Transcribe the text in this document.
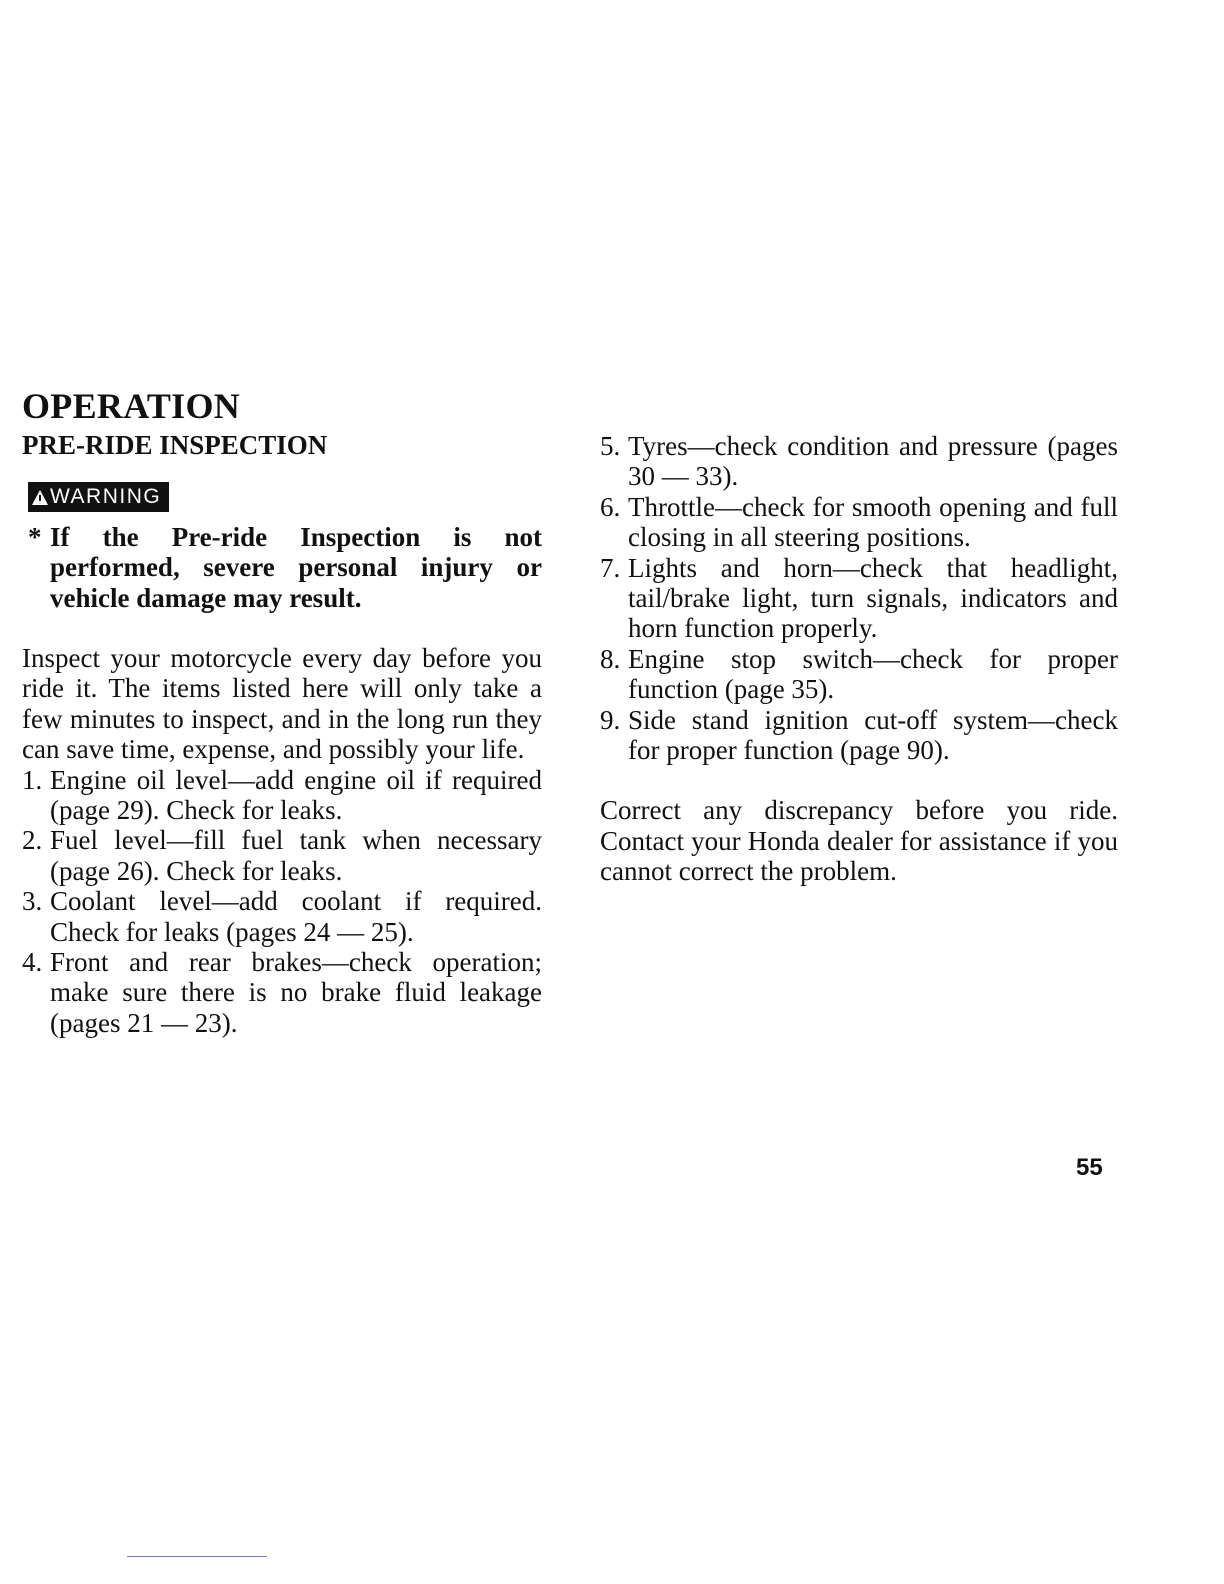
OPERATION
PRE-RIDE INSPECTION
WARNING

* If the Pre-ride Inspection is not performed, severe personal injury or vehicle damage may result.

Inspect your motorcycle every day before you ride it. The items listed here will only take a few minutes to inspect, and in the long run they can save time, expense, and possibly your life.

1. Engine oil level—add engine oil if required (page 29). Check for leaks.
2. Fuel level—fill fuel tank when necessary (page 26). Check for leaks.
3. Coolant level—add coolant if required. Check for leaks (pages 24 — 25).
4. Front and rear brakes—check operation; make sure there is no brake fluid leakage (pages 21 — 23).
5. Tyres—check condition and pressure (pages 30 — 33).
6. Throttle—check for smooth opening and full closing in all steering positions.
7. Lights and horn—check that headlight, tail/brake light, turn signals, indicators and horn function properly.
8. Engine stop switch—check for proper function (page 35).
9. Side stand ignition cut-off system—check for proper function (page 90).

Correct any discrepancy before you ride. Contact your Honda dealer for assistance if you cannot correct the problem.

55
